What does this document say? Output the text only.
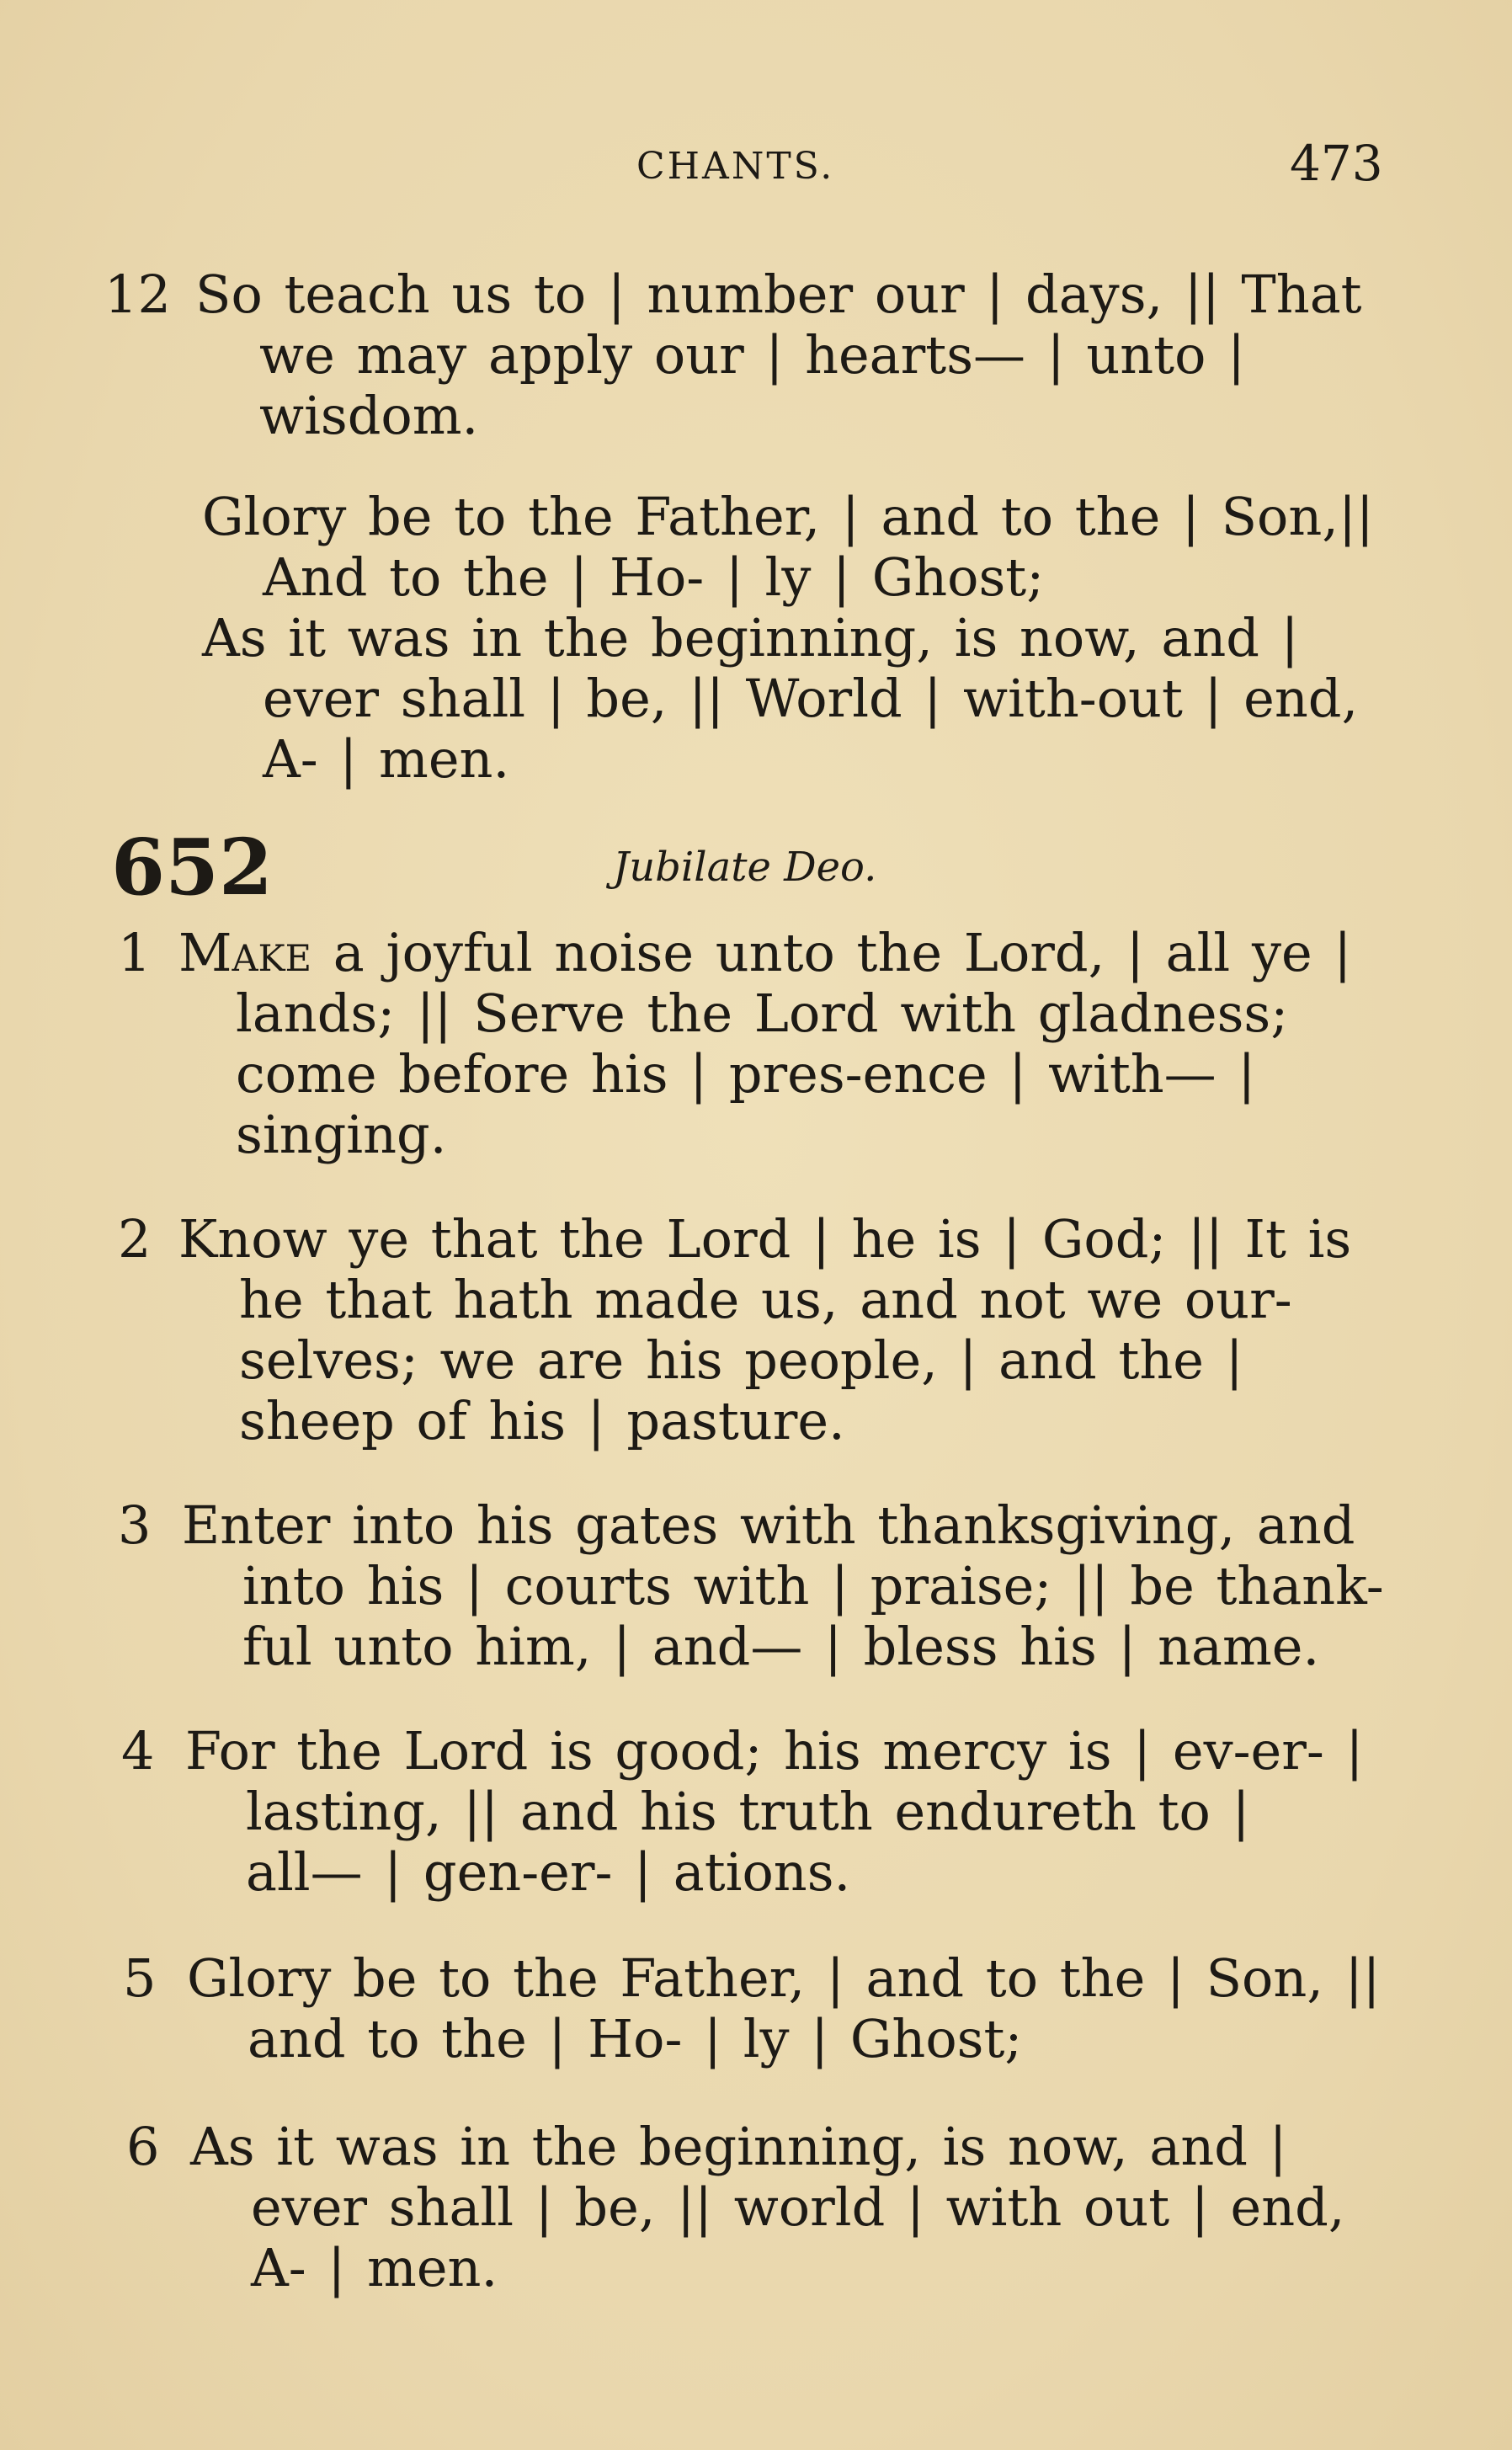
CHANTS.	473
12 So teach us to | number our | days, || That
we may apply our | hearts— | unto |
wisdom.
Glory be to the Father, | and to the | Son,||
And to the | Ho- | ly | Ghost;
As it was in the beginning, is now, and |
ever shall | be, || World | with-out | end,
A- | men.
652	Jubilate Deo.
1 Make a joyful noise unto the Lord, | all ye |
lands; || Serve the Lord with gladness;
come before his | pres-ence | with— |
singing.
2 Know ye that the Lord | he is | God; || It is
he that hath made us, and not we our-
selves; we are his people, | and the |
sheep of his | pasture.
3 Enter into his gates with thanksgiving, and
into his | courts with | praise; || be thank-
ful unto him, | and— | bless his | name.
4 For the Lord is good; his mercy is | ev-er- |
lasting, || and his truth endureth to |
all— | gen-er- | ations.
5 Glory be to the Father, | and to the | Son, ||
and to the | Ho- | ly | Ghost;
6 As it was in the beginning, is now, and |
ever shall | be, || world | with out | end,
A- | men.
